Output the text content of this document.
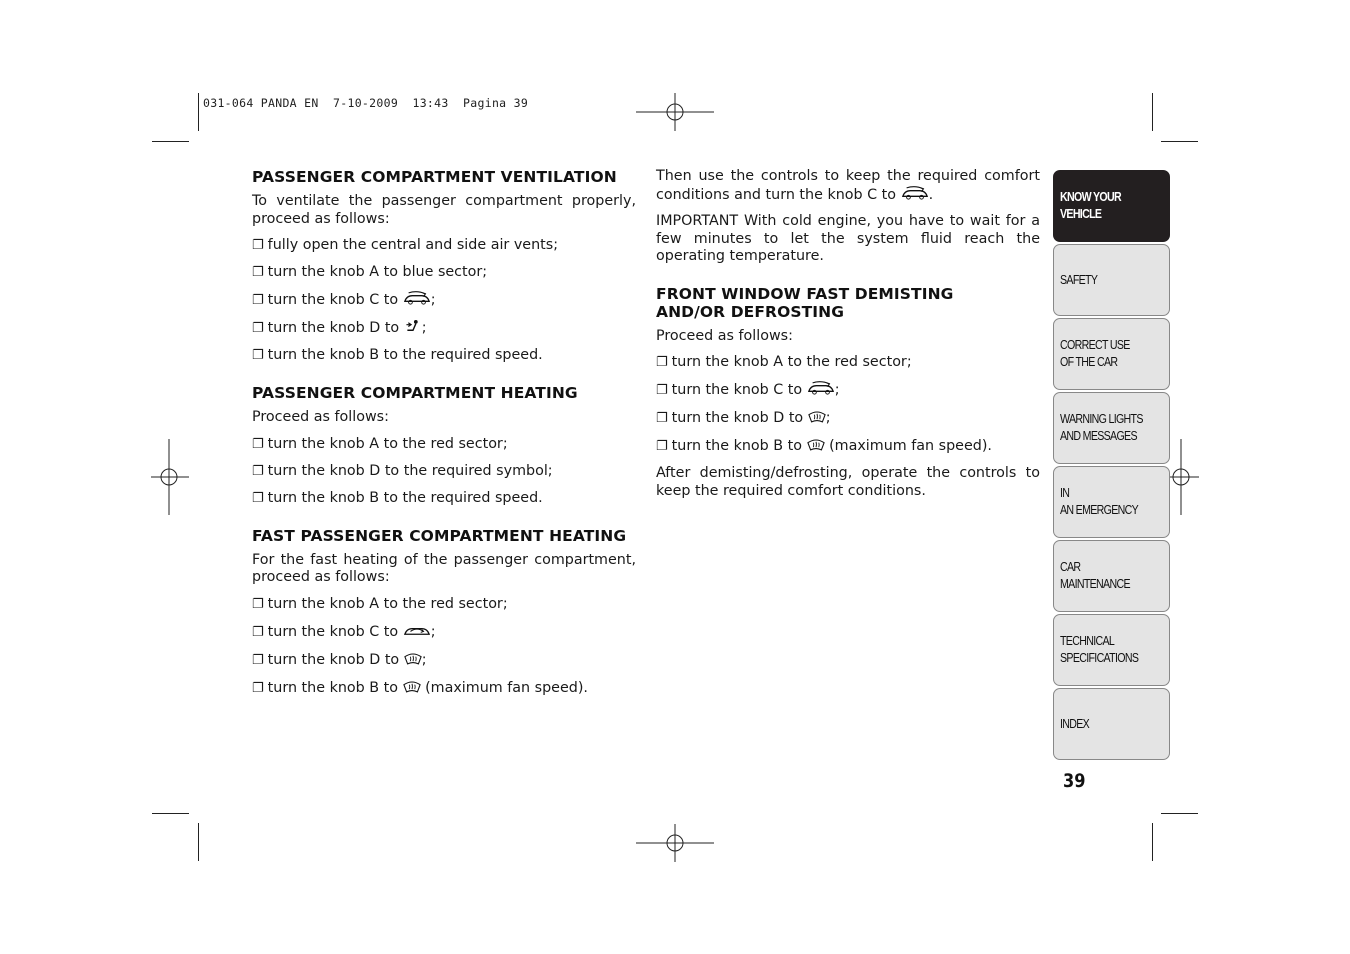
031-064 PANDA EN  7-10-2009  13:43  Pagina 39
PASSENGER COMPARTMENT VENTILATION

To ventilate the passenger compartment properly, proceed as follows:

❐ fully open the central and side air vents;
❐ turn the knob A to blue sector;
❐ turn the knob C to ;
❐ turn the knob D to ;
❐ turn the knob B to the required speed.
PASSENGER COMPARTMENT HEATING

Proceed as follows:

❐ turn the knob A to the red sector;
❐ turn the knob D to the required symbol;
❐ turn the knob B to the required speed.
FAST PASSENGER COMPARTMENT HEATING

For the fast heating of the passenger compartment, proceed as follows:

❐ turn the knob A to the red sector;
❐ turn the knob C to ;
❐ turn the knob D to ;
❐ turn the knob B to (maximum fan speed).

Then use the controls to keep the required comfort conditions and turn the knob C to .

IMPORTANT With cold engine, you have to wait for a few minutes to let the system fluid reach the operating temperature.

FRONT WINDOW FAST DEMISTING AND/OR DEFROSTING

Proceed as follows:

❐ turn the knob A to the red sector;
❐ turn the knob C to ;
❐ turn the knob D to ;
❐ turn the knob B to (maximum fan speed).

After demisting/defrosting, operate the controls to keep the required comfort conditions.

KNOW YOUR
VEHICLE
SAFETY
CORRECT USE
OF THE CAR
WARNING LIGHTS
AND MESSAGES
IN
AN EMERGENCY
CAR
MAINTENANCE
TECHNICAL
SPECIFICATIONS
INDEX
39
